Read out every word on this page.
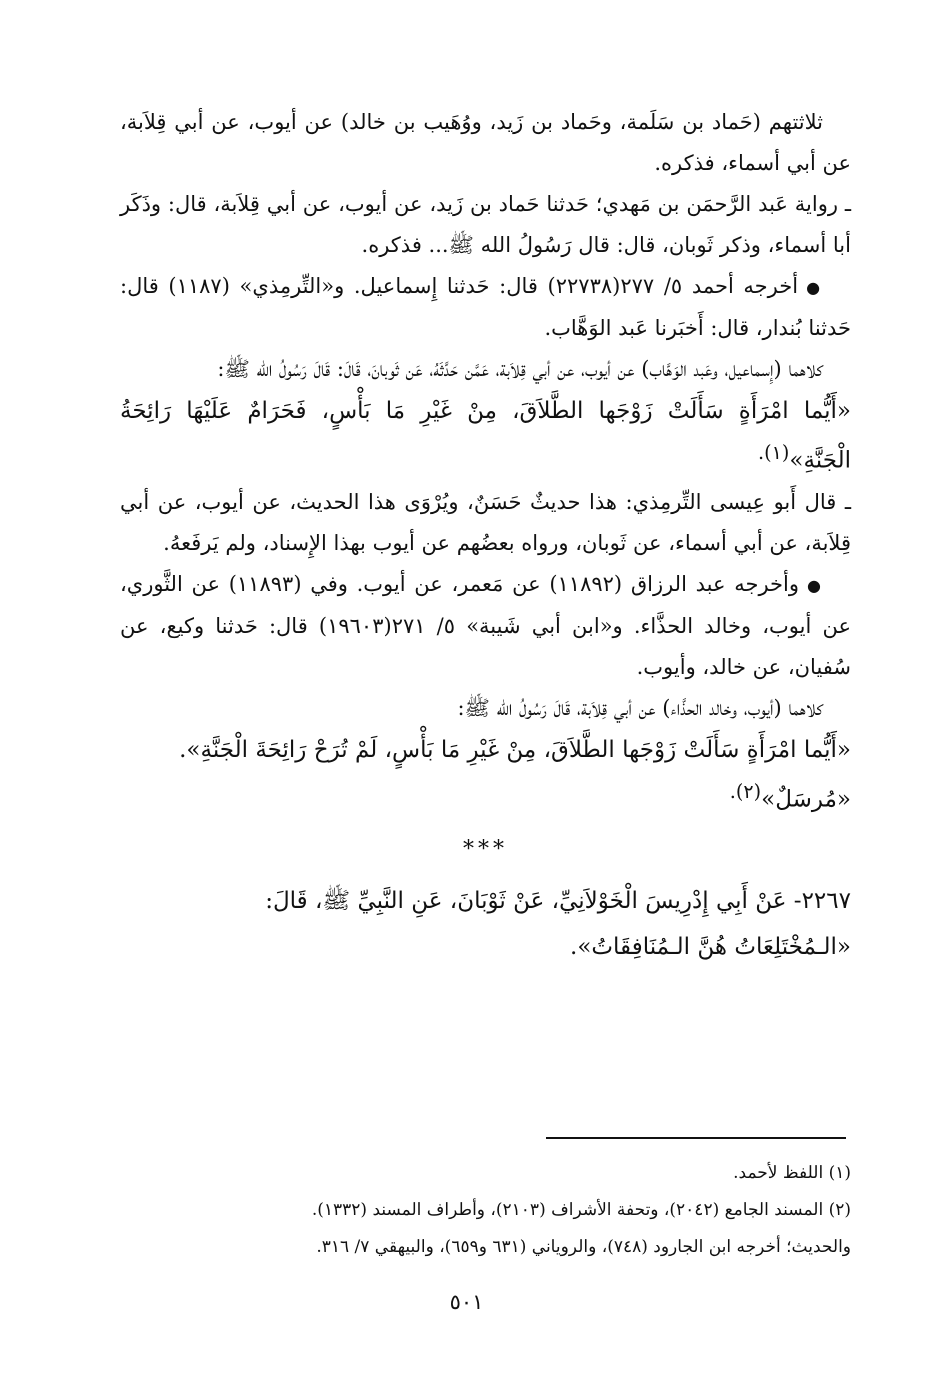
ثلاثتهم (حَماد بن سَلَمة، وحَماد بن زَيد، ووُهَيب بن خالد) عن أيوب، عن أبي قِلاَبة، عن أبي أسماء، فذكره.

ـ رواية عَبد الرَّحمَن بن مَهدي؛ حَدثنا حَماد بن زَيد، عن أيوب، عن أبي قِلاَبة، قال: وذَكَر أبا أسماء، وذكر ثَوبان، قال: قال رَسُولُ الله ﷺ... فذكره.

●أخرجه أحمد ٥/ ٢٧٧(٢٢٧٣٨) قال: حَدثنا إِسماعيل. و«التِّرمِذي» (١١٨٧) قال: حَدثنا بُندار، قال: أَخبَرنا عَبد الوَهَّاب.

كلاهما (إِسماعيل، وعَبد الوَهَّاب) عن أيوب، عن أبي قِلاَبة، عَمَّن حَدَّثَهُ، عَن ثَوبانَ، قَالَ: قَالَ رَسُولُ الله ﷺ:

«أَيُّما امْرَأَةٍ سَأَلَتْ زَوْجَها الطَّلاَقَ، مِنْ غَيْرِ مَا بَأْسٍ، فَحَرَامٌ عَلَيْهَا رَائِحَةُ الْجَنَّةِ»$^{(١).}$

ـ قال أَبو عِيسى التِّرمِذي: هذا حديثٌ حَسَنٌ، ويُرْوَى هذا الحديث، عن أيوب، عن أبي قِلاَبة، عن أبي أسماء، عن ثَوبان، ورواه بعضُهم عن أيوب بهذا الإِسناد، ولم يَرفَعهُ.

●وأخرجه عبد الرزاق (١١٨٩٢) عن مَعمر، عن أيوب. وفي (١١٨٩٣) عن الثَّوري، عن أيوب، وخالد الحذَّاء. و«ابن أبي شَيبة» ٥/ ٢٧١(١٩٦٠٣) قال: حَدثنا وكيع، عن سُفيان، عن خالد، وأيوب.

كلاهما (أيوب، وخالد الحذَّاء) عن أبي قِلاَبة، قَالَ رَسُولُ الله ﷺ:

«أَيُّما امْرَأَةٍ سَأَلَتْ زَوْجَها الطَّلاَقَ، مِنْ غَيْرِ مَا بَأْسٍ، لَمْ تُرَحْ رَائِحَةَ الْجَنَّةِ».

«مُرسَلٌ»$^{(٢).}$

***

٢٢٦٧- عَنْ أَبِي إِدْرِيسَ الْخَوْلاَنِيِّ، عَنْ ثَوْبَانَ، عَنِ النَّبِيِّ ﷺ، قَالَ:

«الـمُخْتَلِعَاتُ هُنَّ الـمُنَافِقَاتُ».

(١) اللفظ لأحمد.

(٢) المسند الجامع (٢٠٤٢)، وتحفة الأشراف (٢١٠٣)، وأطراف المسند (١٣٣٢).

والحديث؛ أخرجه ابن الجارود (٧٤٨)، والروياني (٦٣١ و٦٥٩)، والبيهقي ٧/ ٣١٦.

٥٠١
